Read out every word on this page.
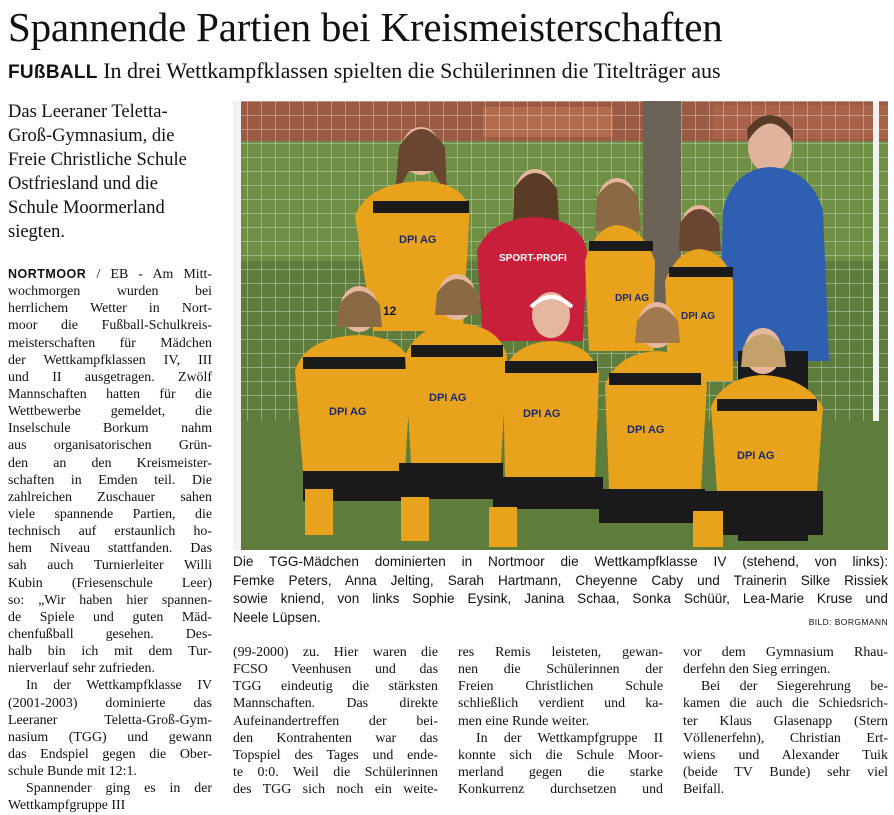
Spannende Partien bei Kreismeisterschaften
FUßBALL In drei Wettkampfklassen spielten die Schülerinnen die Titelträger aus
Das Leeraner Teletta-
Groß-Gymnasium, die
Freie Christliche Schule
Ostfriesland und die
Schule Moormerland
siegten.
NORTMOOR / EB - Am Mitt-
wochmorgen wurden bei
herrlichem Wetter in Nort-
moor die Fußball-Schulkreis-
meisterschaften für Mädchen
der Wettkampfklassen IV, III
und II ausgetragen. Zwölf
Mannschaften hatten für die
Wettbewerbe gemeldet, die
Inselschule Borkum nahm
aus organisatorischen Grün-
den an den Kreismeister-
schaften in Emden teil. Die
zahlreichen Zuschauer sahen
viele spannende Partien, die
technisch auf erstaunlich ho-
hem Niveau stattfanden. Das
sah auch Turnierleiter Willi
Kubin (Friesenschule Leer)
so: „Wir haben hier spannen-
de Spiele und guten Mäd-
chenfußball gesehen. Des-
halb bin ich mit dem Tur-
nierverlauf sehr zufrieden.
In der Wettkampfklasse IV
(2001-2003) dominierte das
Leeraner Teletta-Groß-Gym-
nasium (TGG) und gewann
das Endspiel gegen die Ober-
schule Bunde mit 12:1.
Spannender ging es in der
Wettkampfgruppe III
DPI AG
DPI AG
DPI AG
DPI AG
DPI AG
DPI AG
DPI AG
DPI AG
SPORT-PROFI
12
Die TGG-Mädchen dominierten in Nortmoor die Wettkampfklasse IV (stehend, von links):
Femke Peters, Anna Jelting, Sarah Hartmann, Cheyenne Caby und Trainerin Silke Rissiek
sowie kniend, von links Sophie Eysink, Janina Schaa, Sonka Schüür, Lea-Marie Kruse und
Neele Lüpsen.	BILD: BORGMANN
(99-2000) zu. Hier waren die
FCSO Veenhusen und das
TGG eindeutig die stärksten
Mannschaften. Das direkte
Aufeinandertreffen der bei-
den Kontrahenten war das
Topspiel des Tages und ende-
te 0:0. Weil die Schülerinnen
des TGG sich noch ein weite-
res Remis leisteten, gewan-
nen die Schülerinnen der
Freien Christlichen Schule
schließlich verdient und ka-
men eine Runde weiter.
In der Wettkampfgruppe II
konnte sich die Schule Moor-
merland gegen die starke
Konkurrenz durchsetzen und
vor dem Gymnasium Rhau-
derfehn den Sieg erringen.
Bei der Siegerehrung be-
kamen die auch die Schiedsrich-
ter Klaus Glasenapp (Stern
Völlenerfehn), Christian Ert-
wiens und Alexander Tuik
(beide TV Bunde) sehr viel
Beifall.
